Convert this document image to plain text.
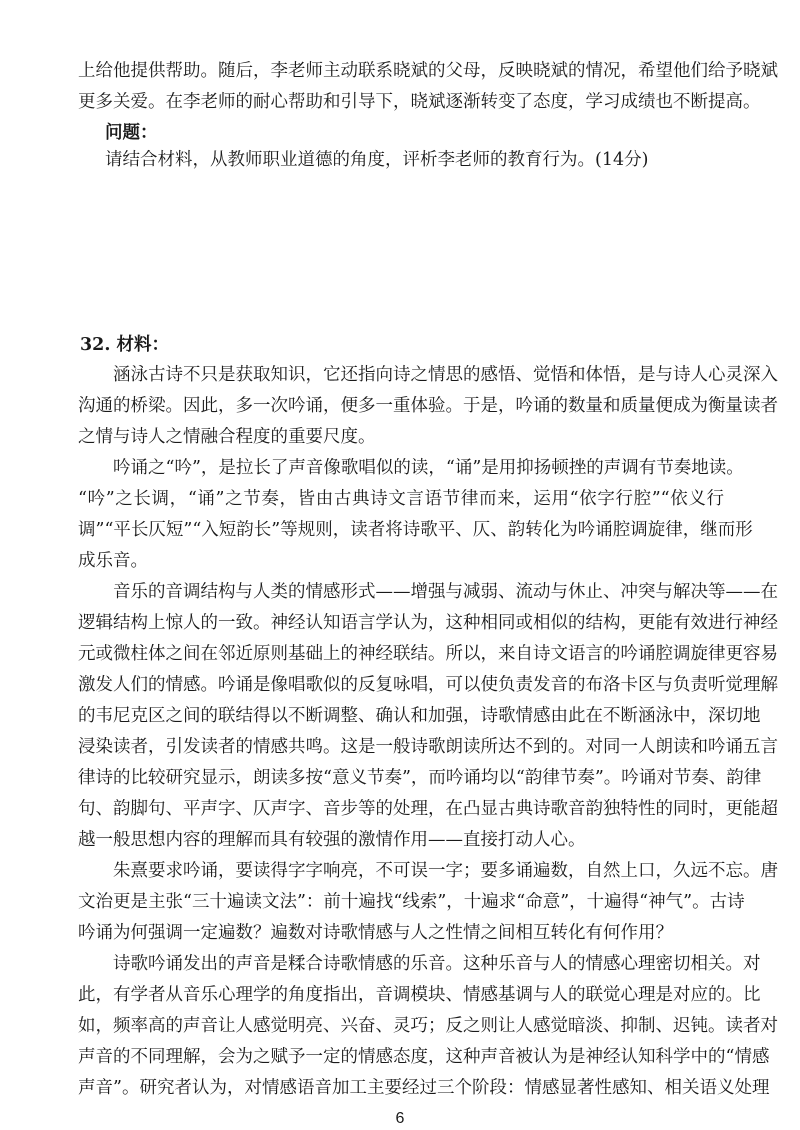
上给他提供帮助。随后，李老师主动联系晓斌的父母，反映晓斌的情况，希望他们给予晓斌
更多关爱。在李老师的耐心帮助和引导下，晓斌逐渐转变了态度，学习成绩也不断提高。
问题：
请结合材料，从教师职业道德的角度，评析李老师的教育行为。(14分)
32. 材料：
涵泳古诗不只是获取知识，它还指向诗之情思的感悟、觉悟和体悟，是与诗人心灵深入
沟通的桥梁。因此，多一次吟诵，便多一重体验。于是，吟诵的数量和质量便成为衡量读者
之情与诗人之情融合程度的重要尺度。
吟诵之“吟”，是拉长了声音像歌唱似的读，“诵”是用抑扬顿挫的声调有节奏地读。
“吟”之长调，“诵”之节奏，皆由古典诗文言语节律而来，运用“依字行腔”“依义行
调”“平长仄短”“入短韵长”等规则，读者将诗歌平、仄、韵转化为吟诵腔调旋律，继而形
成乐音。
音乐的音调结构与人类的情感形式——增强与减弱、流动与休止、冲突与解决等——在
逻辑结构上惊人的一致。神经认知语言学认为，这种相同或相似的结构，更能有效进行神经
元或微柱体之间在邻近原则基础上的神经联结。所以，来自诗文语言的吟诵腔调旋律更容易
激发人们的情感。吟诵是像唱歌似的反复咏唱，可以使负责发音的布洛卡区与负责听觉理解
的韦尼克区之间的联结得以不断调整、确认和加强，诗歌情感由此在不断涵泳中，深切地
浸染读者，引发读者的情感共鸣。这是一般诗歌朗读所达不到的。对同一人朗读和吟诵五言
律诗的比较研究显示，朗读多按“意义节奏”，而吟诵均以“韵律节奏”。吟诵对节奏、韵律
句、韵脚句、平声字、仄声字、音步等的处理，在凸显古典诗歌音韵独特性的同时，更能超
越一般思想内容的理解而具有较强的激情作用——直接打动人心。
朱熹要求吟诵，要读得字字响亮，不可误一字；要多诵遍数，自然上口，久远不忘。唐
文治更是主张“三十遍读文法”：前十遍找“线索”，十遍求“命意”，十遍得“神气”。古诗
吟诵为何强调一定遍数？遍数对诗歌情感与人之性情之间相互转化有何作用？
诗歌吟诵发出的声音是糅合诗歌情感的乐音。这种乐音与人的情感心理密切相关。对
此，有学者从音乐心理学的角度指出，音调模块、情感基调与人的联觉心理是对应的。比
如，频率高的声音让人感觉明亮、兴奋、灵巧；反之则让人感觉暗淡、抑制、迟钝。读者对
声音的不同理解，会为之赋予一定的情感态度，这种声音被认为是神经认知科学中的“情感
声音”。研究者认为，对情感语音加工主要经过三个阶段：情感显著性感知、相关语义处理
6
